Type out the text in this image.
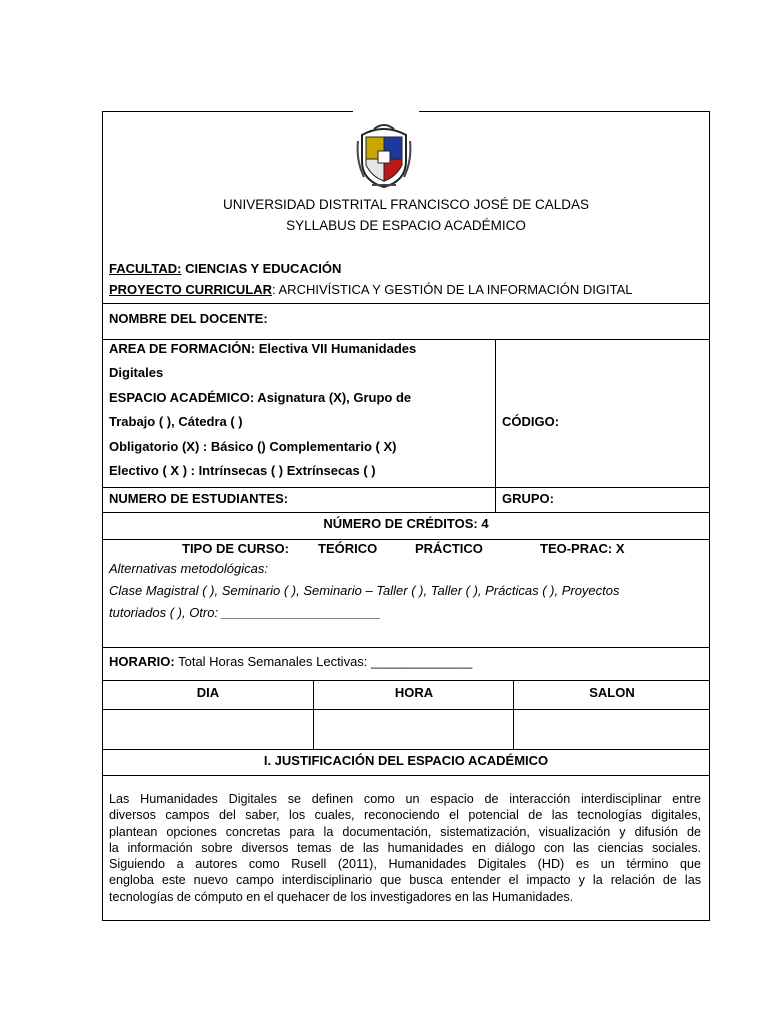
UNIVERSIDAD DISTRITAL FRANCISCO JOSÉ DE CALDAS
SYLLABUS DE ESPACIO ACADÉMICO
FACULTAD: CIENCIAS Y EDUCACIÓN
PROYECTO CURRICULAR: ARCHIVÍSTICA Y GESTIÓN DE LA INFORMACIÓN DIGITAL
NOMBRE DEL DOCENTE:
AREA DE FORMACIÓN: Electiva VII Humanidades
Digitales
ESPACIO ACADÉMICO: Asignatura (X), Grupo de
Trabajo ( ), Cátedra ( )
Obligatorio (X) : Básico () Complementario ( X)
Electivo ( X ) : Intrínsecas ( ) Extrínsecas ( )
CÓDIGO:
NUMERO DE ESTUDIANTES:	GRUPO:
NÚMERO DE CRÉDITOS: 4
TIPO DE CURSO: TEÓRICO	PRÁCTICO	TEO-PRAC: X
Alternativas metodológicas:
Clase Magistral ( ), Seminario ( ), Seminario – Taller ( ), Taller ( ), Prácticas ( ), Proyectos
tutoriados ( ), Otro: ______________________
HORARIO: Total Horas Semanales Lectivas: ______________
DIA	HORA	SALON
I. JUSTIFICACIÓN DEL ESPACIO ACADÉMICO
Las Humanidades Digitales se definen como un espacio de interacción interdisciplinar entre
diversos campos del saber, los cuales, reconociendo el potencial de las tecnologías digitales,
plantean opciones concretas para la documentación, sistematización, visualización y difusión de
la información sobre diversos temas de las humanidades en diálogo con las ciencias sociales.
Siguiendo a autores como Rusell (2011), Humanidades Digitales (HD) es un término que
engloba este nuevo campo interdisciplinario que busca entender el impacto y la relación de las
tecnologías de cómputo en el quehacer de los investigadores en las Humanidades.
